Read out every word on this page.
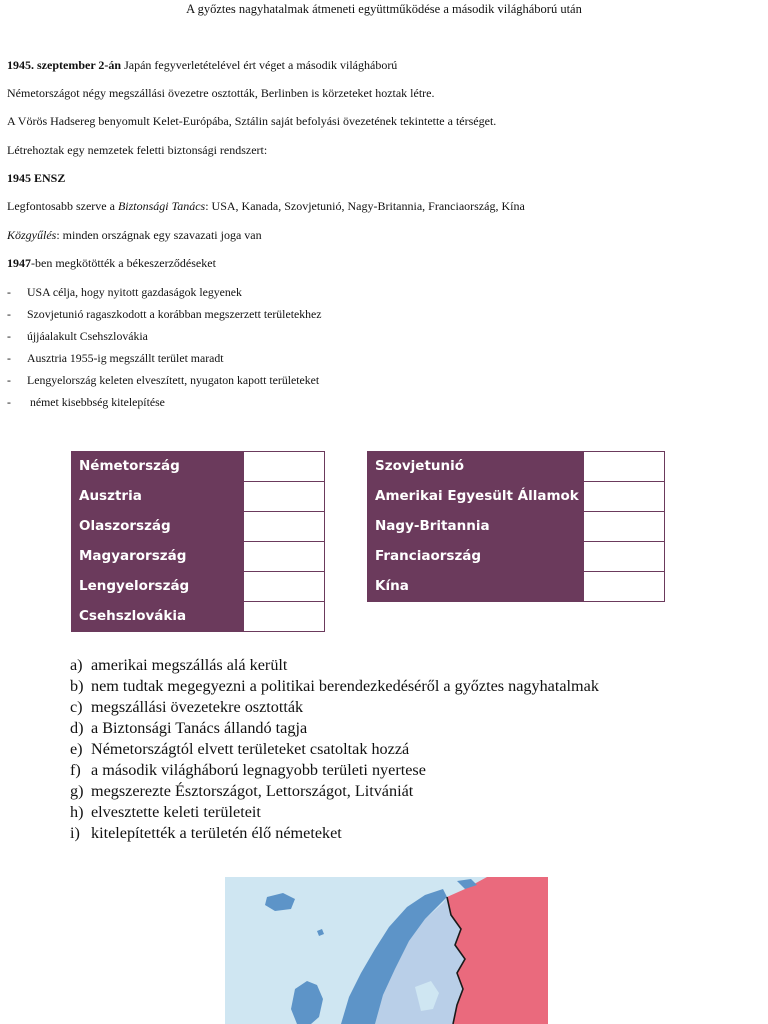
A győztes nagyhatalmak átmeneti együttműködése a második világháború után
1945. szeptember 2-án Japán fegyverletételével ért véget a második világháború
Németországot négy megszállási övezetre osztották, Berlinben is körzeteket hoztak létre.
A Vörös Hadsereg benyomult Kelet-Európába, Sztálin saját befolyási övezetének tekintette a térséget.
Létrehoztak egy nemzetek feletti biztonsági rendszert:
1945 ENSZ
Legfontosabb szerve a Biztonsági Tanács: USA, Kanada, Szovjetunió, Nagy-Britannia, Franciaország, Kína
Közgyűlés: minden országnak egy szavazati joga van
1947-ben megkötötték a békeszerződéseket
- USA célja, hogy nyitott gazdaságok legyenek
- Szovjetunió ragaszkodott a korábban megszerzett területekhez
- újjáalakult Csehszlovákia
- Ausztria 1955-ig megszállt terület maradt
- Lengyelország keleten elveszített, nyugaton kapott területeket
- német kisebbség kitelepítése
Németország	
Ausztria	
Olaszország	
Magyarország	
Lengyelország	
Csehszlovákia	
Szovjetunió	
Amerikai Egyesült Államok	
Nagy-Britannia	
Franciaország	
Kína	
a) amerikai megszállás alá került
b) nem tudtak megegyezni a politikai berendezkedéséről a győztes nagyhatalmak
c) megszállási övezetekre osztották
d) a Biztonsági Tanács állandó tagja
e) Németországtól elvett területeket csatoltak hozzá
f) a második világháború legnagyobb területi nyertese
g) megszerezte Észtországot, Lettországot, Litvániát
h) elvesztette keleti területeit
i) kitelepítették a területén élő németeket
